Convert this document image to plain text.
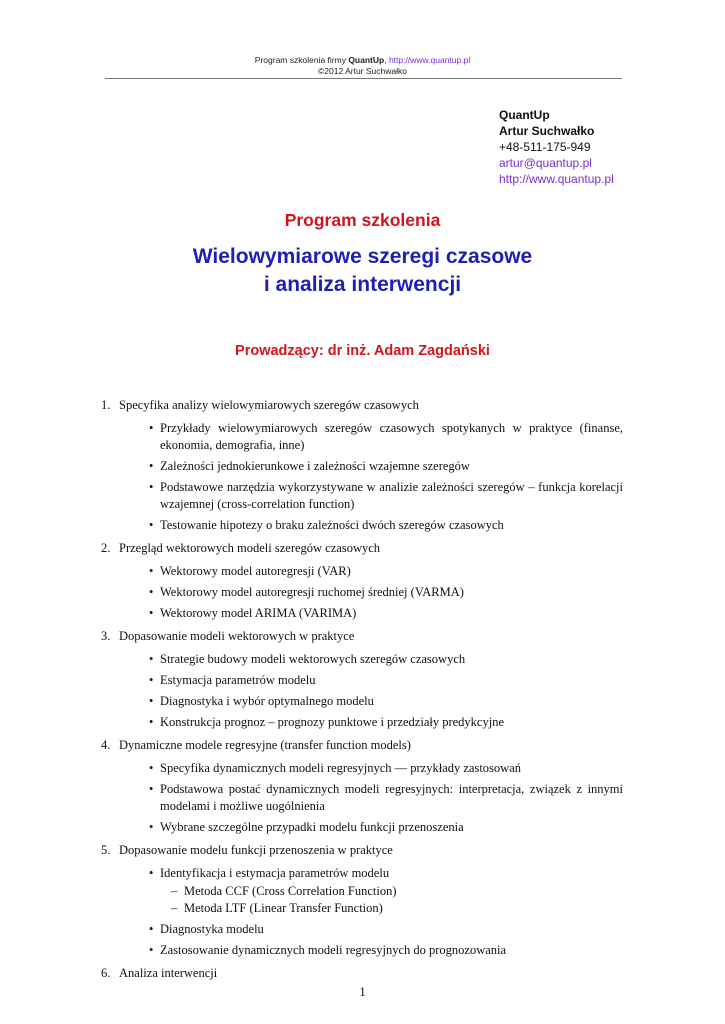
Program szkolenia firmy QuantUp, http://www.quantup.pl
©2012 Artur Suchwałko
QuantUp
Artur Suchwałko
+48-511-175-949
artur@quantup.pl
http://www.quantup.pl
Program szkolenia
Wielowymiarowe szeregi czasowe
i analiza interwencji
Prowadzący: dr inż. Adam Zagdański
1. Specyfika analizy wielowymiarowych szeregów czasowych
• Przykłady wielowymiarowych szeregów czasowych spotykanych w praktyce (finanse, ekonomia, demografia, inne)
• Zależności jednokierunkowe i zależności wzajemne szeregów
• Podstawowe narzędzia wykorzystywane w analizie zależności szeregów – funkcja korelacji wzajemnej (cross-correlation function)
• Testowanie hipotezy o braku zależności dwóch szeregów czasowych
2. Przegląd wektorowych modeli szeregów czasowych
• Wektorowy model autoregresji (VAR)
• Wektorowy model autoregresji ruchomej średniej (VARMA)
• Wektorowy model ARIMA (VARIMA)
3. Dopasowanie modeli wektorowych w praktyce
• Strategie budowy modeli wektorowych szeregów czasowych
• Estymacja parametrów modelu
• Diagnostyka i wybór optymalnego modelu
• Konstrukcja prognoz – prognozy punktowe i przedziały predykcyjne
4. Dynamiczne modele regresyjne (transfer function models)
• Specyfika dynamicznych modeli regresyjnych — przykłady zastosowań
• Podstawowa postać dynamicznych modeli regresyjnych: interpretacja, związek z innymi modelami i możliwe uogólnienia
• Wybrane szczególne przypadki modelu funkcji przenoszenia
5. Dopasowanie modelu funkcji przenoszenia w praktyce
• Identyfikacja i estymacja parametrów modelu
– Metoda CCF (Cross Correlation Function)
– Metoda LTF (Linear Transfer Function)
• Diagnostyka modelu
• Zastosowanie dynamicznych modeli regresyjnych do prognozowania
6. Analiza interwencji
1
